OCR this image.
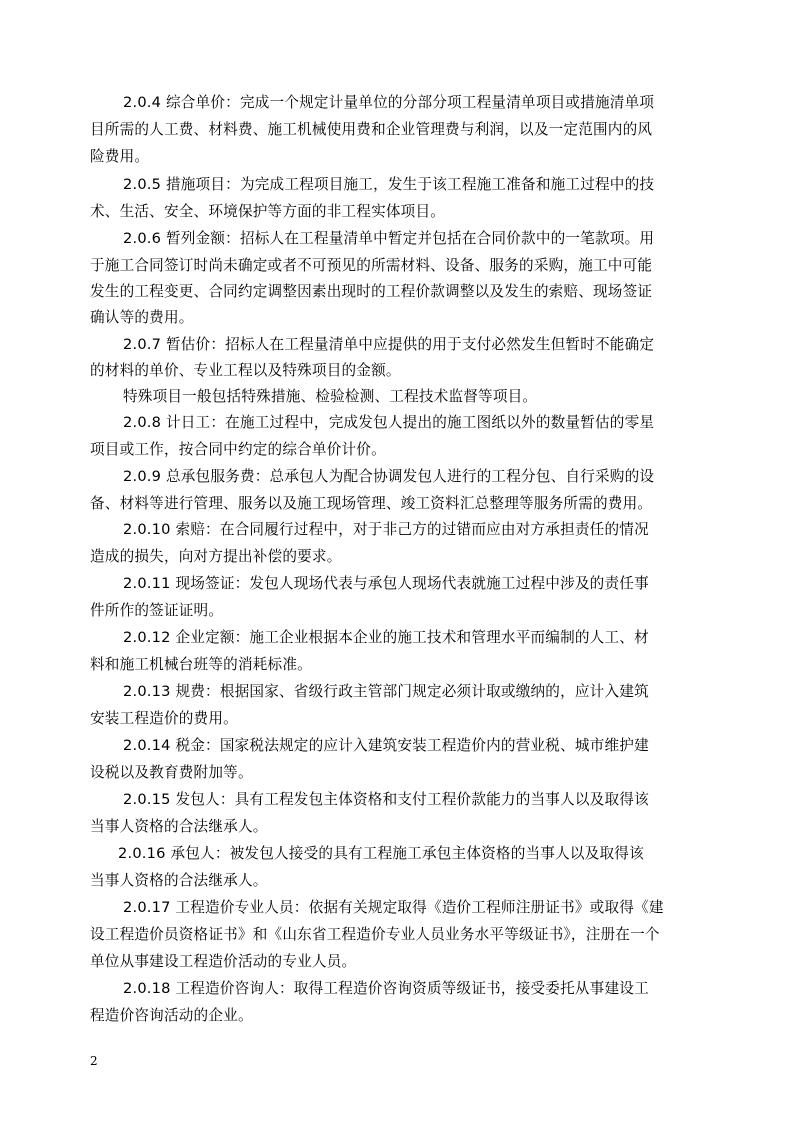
2.0.4 综合单价：完成一个规定计量单位的分部分项工程量清单项目或措施清单项
目所需的人工费、材料费、施工机械使用费和企业管理费与利润，以及一定范围内的风
险费用。
2.0.5 措施项目：为完成工程项目施工，发生于该工程施工准备和施工过程中的技
术、生活、安全、环境保护等方面的非工程实体项目。
2.0.6 暂列金额：招标人在工程量清单中暂定并包括在合同价款中的一笔款项。用
于施工合同签订时尚未确定或者不可预见的所需材料、设备、服务的采购，施工中可能
发生的工程变更、合同约定调整因素出现时的工程价款调整以及发生的索赔、现场签证
确认等的费用。
2.0.7 暂估价：招标人在工程量清单中应提供的用于支付必然发生但暂时不能确定
的材料的单价、专业工程以及特殊项目的金额。
特殊项目一般包括特殊措施、检验检测、工程技术监督等项目。
2.0.8 计日工：在施工过程中，完成发包人提出的施工图纸以外的数量暂估的零星
项目或工作，按合同中约定的综合单价计价。
2.0.9 总承包服务费：总承包人为配合协调发包人进行的工程分包、自行采购的设
备、材料等进行管理、服务以及施工现场管理、竣工资料汇总整理等服务所需的费用。
2.0.10 索赔：在合同履行过程中，对于非己方的过错而应由对方承担责任的情况
造成的损失，向对方提出补偿的要求。
2.0.11 现场签证：发包人现场代表与承包人现场代表就施工过程中涉及的责任事
件所作的签证证明。
2.0.12 企业定额：施工企业根据本企业的施工技术和管理水平而编制的人工、材
料和施工机械台班等的消耗标准。
2.0.13 规费：根据国家、省级行政主管部门规定必须计取或缴纳的，应计入建筑
安装工程造价的费用。
2.0.14 税金：国家税法规定的应计入建筑安装工程造价内的营业税、城市维护建
设税以及教育费附加等。
2.0.15 发包人：具有工程发包主体资格和支付工程价款能力的当事人以及取得该
当事人资格的合法继承人。
2.0.16 承包人：被发包人接受的具有工程施工承包主体资格的当事人以及取得该
当事人资格的合法继承人。
2.0.17 工程造价专业人员：依据有关规定取得《造价工程师注册证书》或取得《建
设工程造价员资格证书》和《山东省工程造价专业人员业务水平等级证书》，注册在一个
单位从事建设工程造价活动的专业人员。
2.0.18 工程造价咨询人：取得工程造价咨询资质等级证书，接受委托从事建设工
程造价咨询活动的企业。
2
